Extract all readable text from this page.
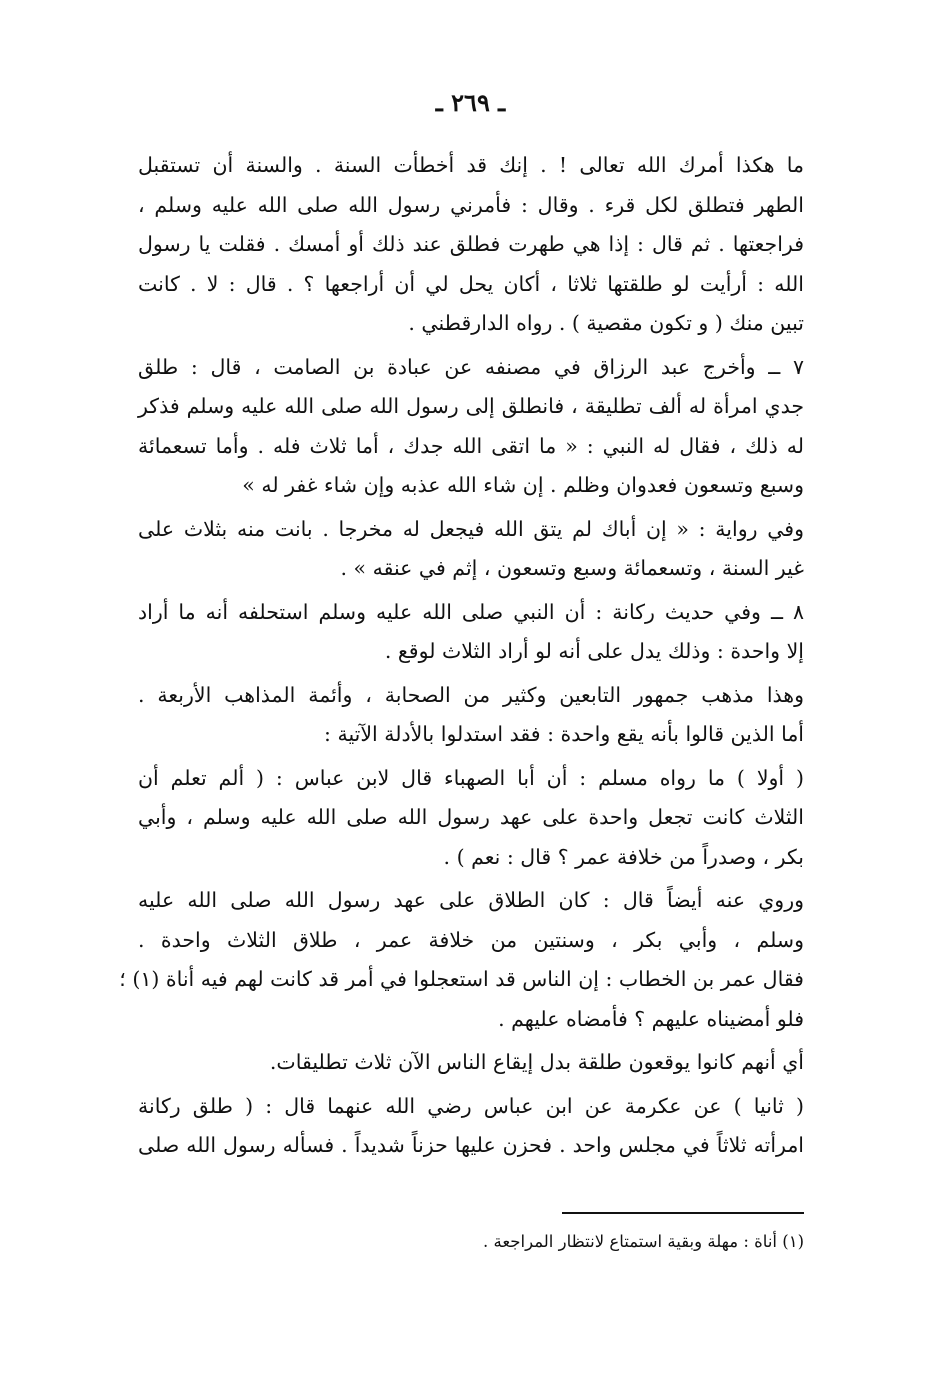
ـ ٢٦٩ ـ
ما هكذا أمرك الله تعالى ! . إنك قد أخطأت السنة . والسنة أن تستقبل
الطهر فتطلق لكل قرء . وقال : فأمرني رسول الله صلى الله عليه وسلم ،
فراجعتها . ثم قال : إذا هي طهرت فطلق عند ذلك أو أمسك . فقلت يا رسول
الله : أرأيت لو طلقتها ثلاثا ، أكان يحل لي أن أراجعها ؟ . قال : لا . كانت
تبين منك ( و تكون مقصية ) . رواه الدارقطني .
٧ ــ وأخرج عبد الرزاق في مصنفه عن عبادة بن الصامت ، قال : طلق
جدي امرأة له ألف تطليقة ، فانطلق إلى رسول الله صلى الله عليه وسلم فذكر
له ذلك ، فقال له النبي : « ما اتقى الله جدك ، أما ثلاث فله . وأما تسعمائة
وسبع وتسعون فعدوان وظلم . إن شاء الله عذبه وإن شاء غفر له »
وفي رواية : « إن أباك لم يتق الله فيجعل له مخرجا . بانت منه بثلاث على
غير السنة ، وتسعمائة وسبع وتسعون ، إثم في عنقه » .
٨ ــ وفي حديث ركانة : أن النبي صلى الله عليه وسلم استحلفه أنه ما أراد
إلا واحدة : وذلك يدل على أنه لو أراد الثلاث لوقع .
وهذا مذهب جمهور التابعين وكثير من الصحابة ، وأئمة المذاهب الأربعة .
أما الذين قالوا بأنه يقع واحدة : فقد استدلوا بالأدلة الآتية :
( أولا ) ما رواه مسلم : أن أبا الصهباء قال لابن عباس : ( ألم تعلم أن
الثلاث كانت تجعل واحدة على عهد رسول الله صلى الله عليه وسلم ، وأبي
بكر ، وصدراً من خلافة عمر ؟ قال : نعم ) .
وروي عنه أيضاً قال : كان الطلاق على عهد رسول الله صلى الله عليه
وسلم ، وأبي بكر ، وسنتين من خلافة عمر ، طلاق الثلاث واحدة .
فقال عمر بن الخطاب : إن الناس قد استعجلوا في أمر قد كانت لهم فيه أناة (١) ؛
فلو أمضيناه عليهم ؟ فأمضاه عليهم .
أي أنهم كانوا يوقعون طلقة بدل إيقاع الناس الآن ثلاث تطليقات.
( ثانيا ) عن عكرمة عن ابن عباس رضي الله عنهما قال : ( طلق ركانة
امرأته ثلاثاً في مجلس واحد . فحزن عليها حزناً شديداً . فسأله رسول الله صلى
(١) أناة : مهلة وبقية استمتاع لانتظار المراجعة .
